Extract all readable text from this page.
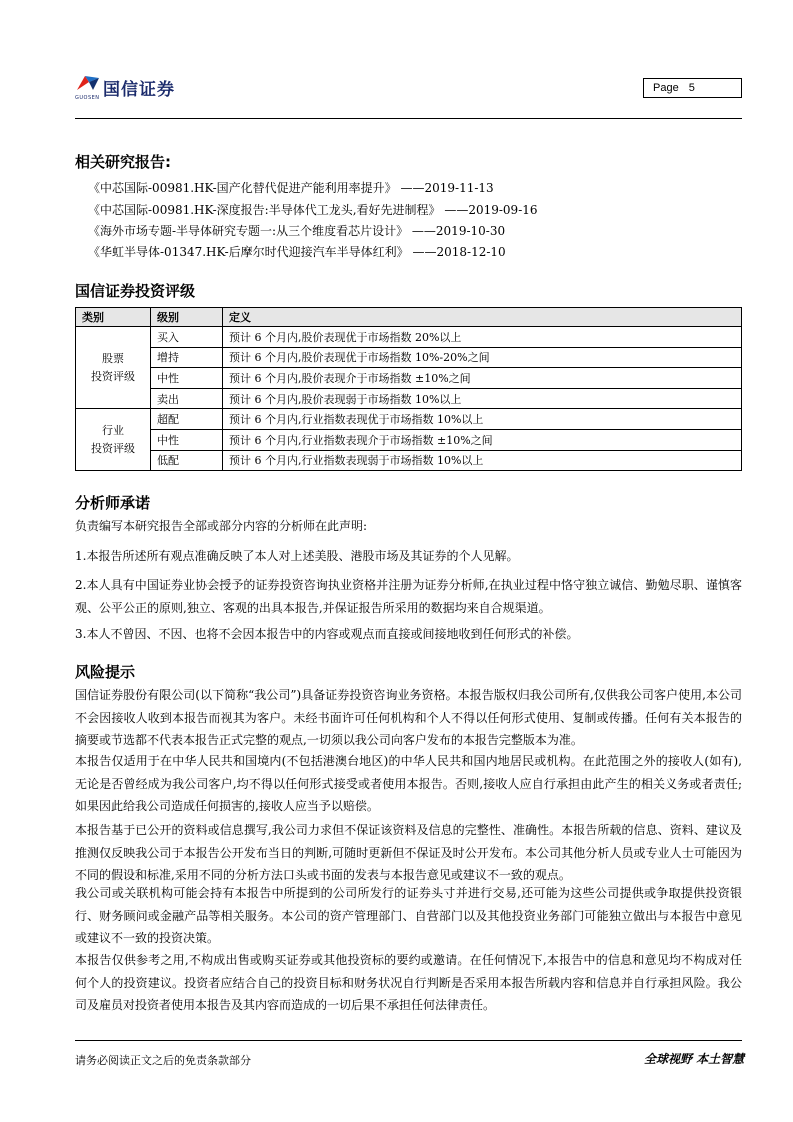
国信证券
GUOSEN
Page 5
相关研究报告:
《中芯国际-00981.HK-国产化替代促进产能利用率提升》 ——2019-11-13
《中芯国际-00981.HK-深度报告:半导体代工龙头,看好先进制程》 ——2019-09-16
《海外市场专题-半导体研究专题一:从三个维度看芯片设计》 ——2019-10-30
《华虹半导体-01347.HK-后摩尔时代迎接汽车半导体红利》 ——2018-12-10
国信证券投资评级
类别	级别	定义

股票
投资评级	买入	预计 6 个月内,股价表现优于市场指数 20%以上
	增持	预计 6 个月内,股价表现优于市场指数 10%-20%之间
	中性	预计 6 个月内,股价表现介于市场指数 ±10%之间
	卖出	预计 6 个月内,股价表现弱于市场指数 10%以上

行业
投资评级	超配	预计 6 个月内,行业指数表现优于市场指数 10%以上
	中性	预计 6 个月内,行业指数表现介于市场指数 ±10%之间
	低配	预计 6 个月内,行业指数表现弱于市场指数 10%以上
分析师承诺
负责编写本研究报告全部或部分内容的分析师在此声明:
1.本报告所述所有观点准确反映了本人对上述美股、港股市场及其证券的个人见解。
2.本人具有中国证券业协会授予的证券投资咨询执业资格并注册为证券分析师,在执业过程中恪守独立诚信、勤勉尽职、谨慎客观、公平公正的原则,独立、客观的出具本报告,并保证报告所采用的数据均来自合规渠道。
3.本人不曾因、不因、也将不会因本报告中的内容或观点而直接或间接地收到任何形式的补偿。
风险提示
国信证券股份有限公司(以下简称“我公司”)具备证券投资咨询业务资格。本报告版权归我公司所有,仅供我公司客户使用,本公司不会因接收人收到本报告而视其为客户。未经书面许可任何机构和个人不得以任何形式使用、复制或传播。任何有关本报告的摘要或节选都不代表本报告正式完整的观点,一切须以我公司向客户发布的本报告完整版本为准。
本报告仅适用于在中华人民共和国境内(不包括港澳台地区)的中华人民共和国内地居民或机构。在此范围之外的接收人(如有),无论是否曾经成为我公司客户,均不得以任何形式接受或者使用本报告。否则,接收人应自行承担由此产生的相关义务或者责任;如果因此给我公司造成任何损害的,接收人应当予以赔偿。
本报告基于已公开的资料或信息撰写,我公司力求但不保证该资料及信息的完整性、准确性。本报告所载的信息、资料、建议及推测仅反映我公司于本报告公开发布当日的判断,可随时更新但不保证及时公开发布。本公司其他分析人员或专业人士可能因为不同的假设和标准,采用不同的分析方法口头或书面的发表与本报告意见或建议不一致的观点。
我公司或关联机构可能会持有本报告中所提到的公司所发行的证券头寸并进行交易,还可能为这些公司提供或争取提供投资银行、财务顾问或金融产品等相关服务。本公司的资产管理部门、自营部门以及其他投资业务部门可能独立做出与本报告中意见或建议不一致的投资决策。
本报告仅供参考之用,不构成出售或购买证券或其他投资标的要约或邀请。在任何情况下,本报告中的信息和意见均不构成对任何个人的投资建议。投资者应结合自己的投资目标和财务状况自行判断是否采用本报告所载内容和信息并自行承担风险。我公司及雇员对投资者使用本报告及其内容而造成的一切后果不承担任何法律责任。
请务必阅读正文之后的免责条款部分	全球视野 本土智慧
